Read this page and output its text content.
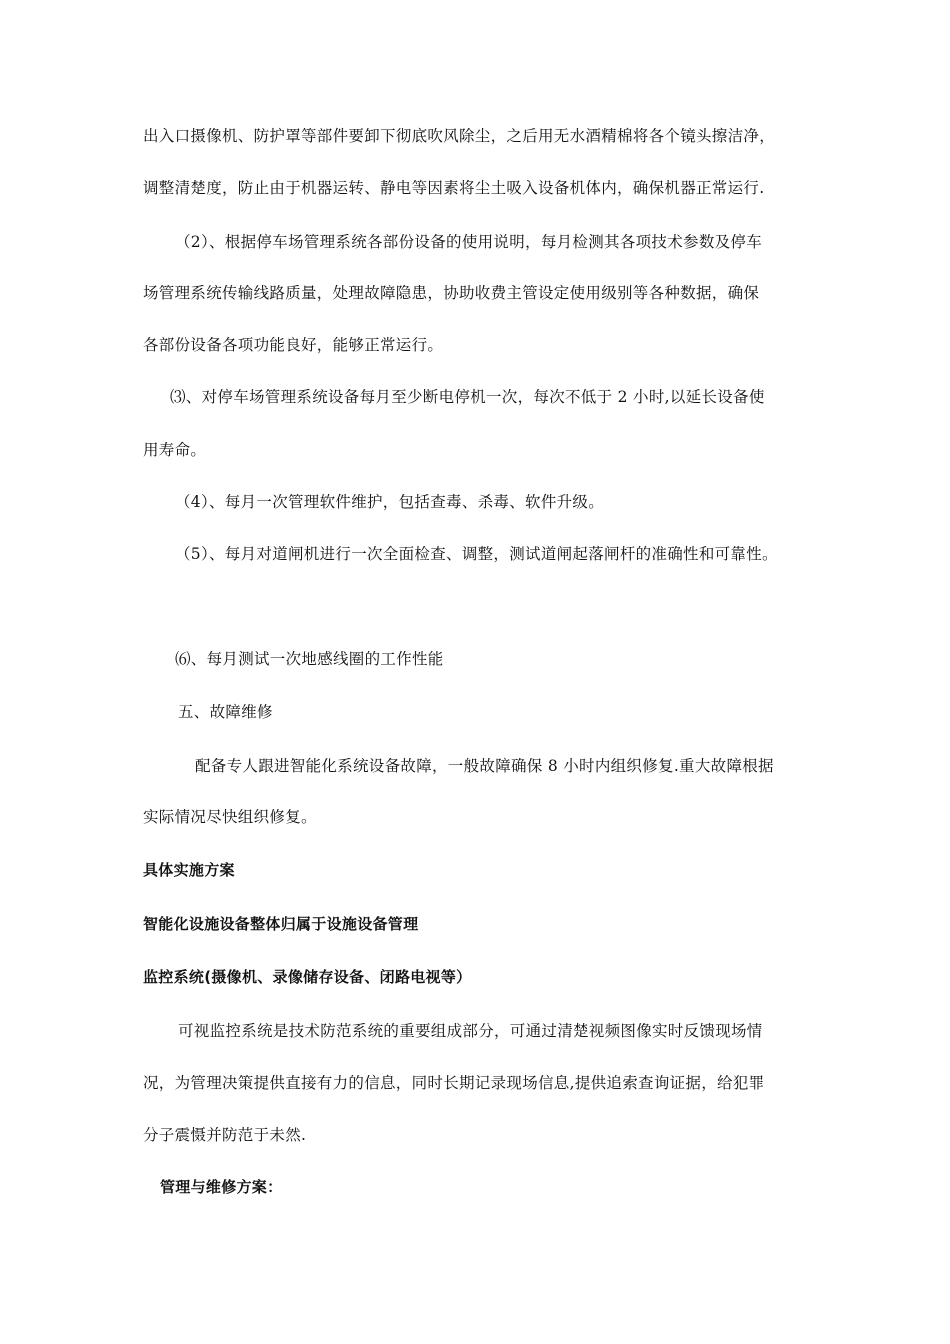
出入口摄像机、防护罩等部件要卸下彻底吹风除尘，之后用无水酒精棉将各个镜头擦洁净，
调整清楚度，防止由于机器运转、静电等因素将尘土吸入设备机体内，确保机器正常运行.
（2）、根据停车场管理系统各部份设备的使用说明，每月检测其各项技术参数及停车
场管理系统传输线路质量，处理故障隐患，协助收费主管设定使用级别等各种数据，确保
各部份设备各项功能良好，能够正常运行。
⑶、对停车场管理系统设备每月至少断电停机一次，每次不低于 2 小时,以延长设备使
用寿命。
（4）、每月一次管理软件维护，包括查毒、杀毒、软件升级。
（5）、每月对道闸机进行一次全面检查、调整，测试道闸起落闸杆的准确性和可靠性。
⑹、每月测试一次地感线圈的工作性能
五、故障维修
配备专人跟进智能化系统设备故障，一般故障确保 8 小时内组织修复.重大故障根据
实际情况尽快组织修复。
具体实施方案
智能化设施设备整体归属于设施设备管理
监控系统(摄像机、录像储存设备、闭路电视等）
可视监控系统是技术防范系统的重要组成部分，可通过清楚视频图像实时反馈现场情
况，为管理决策提供直接有力的信息，同时长期记录现场信息,提供追索查询证据，给犯罪
分子震慑并防范于未然.
管理与维修方案：
